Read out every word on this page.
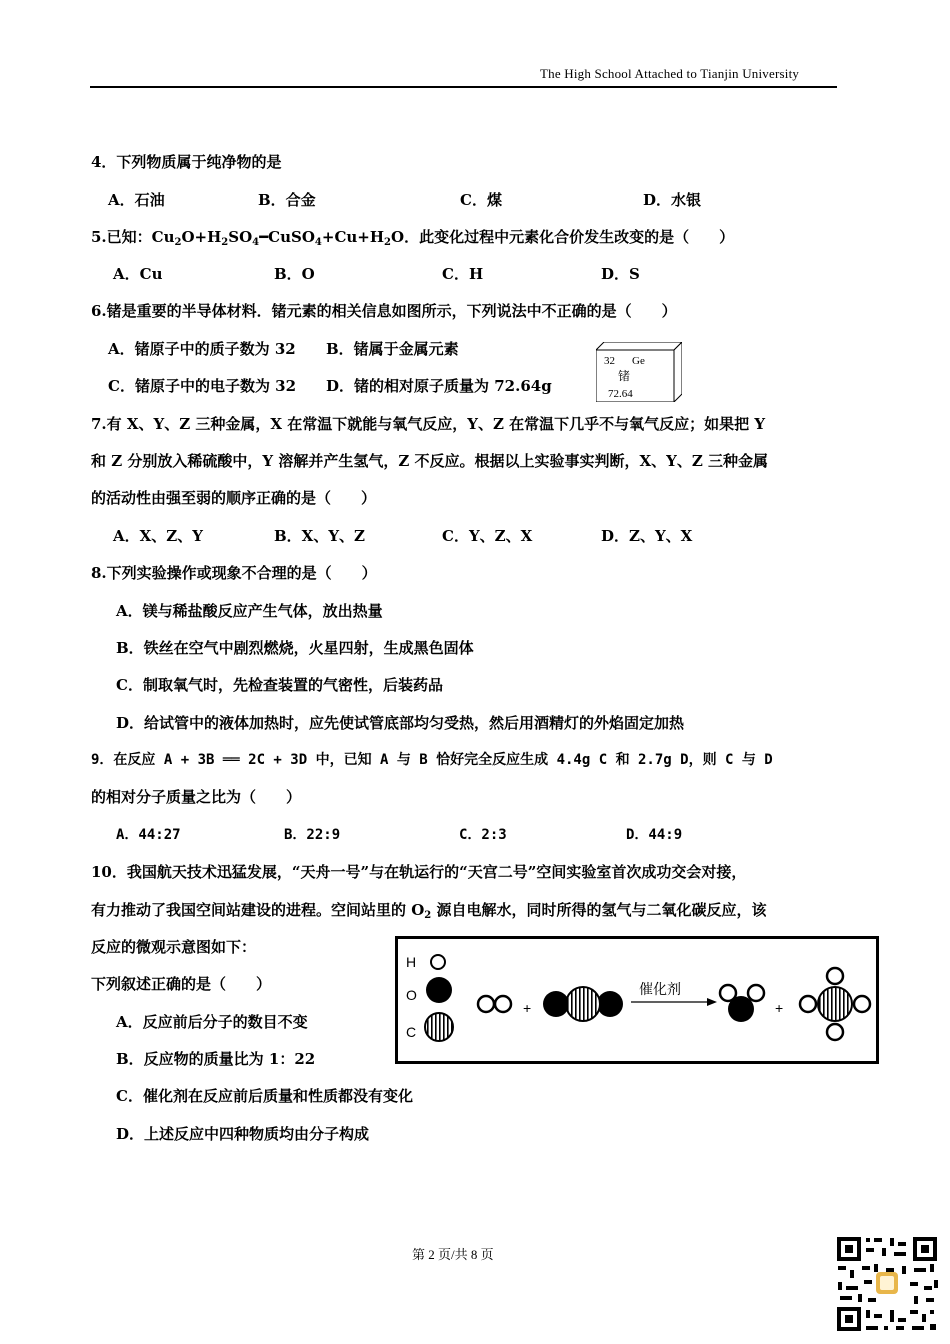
The High School Attached to Tianjin University
4．下列物质属于纯净物的是
A．石油	B．合金	C．煤	D．水银
5.已知：$Cu_2O+H_2SO_4━CuSO_4+Cu+H_2O$．此变化过程中元素化合价发生改变的是（　　）
A．Cu	B．O	C．H	D．S
6.锗是重要的半导体材料．锗元素的相关信息如图所示，下列说法中不正确的是（　　）
A．锗原子中的质子数为 32 B．锗属于金属元素
C．锗原子中的电子数为 32 D．锗的相对原子质量为 72.64g
32 Ge
锗
72.64
7.有 X、Y、Z 三种金属，X 在常温下就能与氧气反应，Y、Z 在常温下几乎不与氧气反应；如果把 Y
和 Z 分别放入稀硫酸中，Y 溶解并产生氢气，Z 不反应。根据以上实验事实判断，X、Y、Z 三种金属
的活动性由强至弱的顺序正确的是（　　）
A．X、Z、Y	B．X、Y、Z	C．Y、Z、X	D．Z、Y、X
8.下列实验操作或现象不合理的是（　　）
A．镁与稀盐酸反应产生气体，放出热量
B．铁丝在空气中剧烈燃烧，火星四射，生成黑色固体
C．制取氧气时，先检查装置的气密性，后装药品
D．给试管中的液体加热时，应先使试管底部均匀受热，然后用酒精灯的外焰固定加热
9．在反应 A + 3B ══ 2C + 3D 中，已知 A 与 B 恰好完全反应生成 4.4g C 和 2.7g D，则 C 与 D
的相对分子质量之比为（　　）
A．44:27	B．22:9	C．2:3	D．44:9
10．我国航天技术迅猛发展，“天舟一号”与在轨运行的“天宫二号”空间实验室首次成功交会对接，
有力推动了我国空间站建设的进程。空间站里的 $O_2$ 源自电解水，同时所得的氢气与二氧化碳反应，该
反应的微观示意图如下：
下列叙述正确的是（　　）
A．反应前后分子的数目不变
B．反应物的质量比为 1：22
C．催化剂在反应前后质量和性质都没有变化
D．上述反应中四种物质均由分子构成
H
O
C
+
催化剂
+
第 2 页/共 8 页
